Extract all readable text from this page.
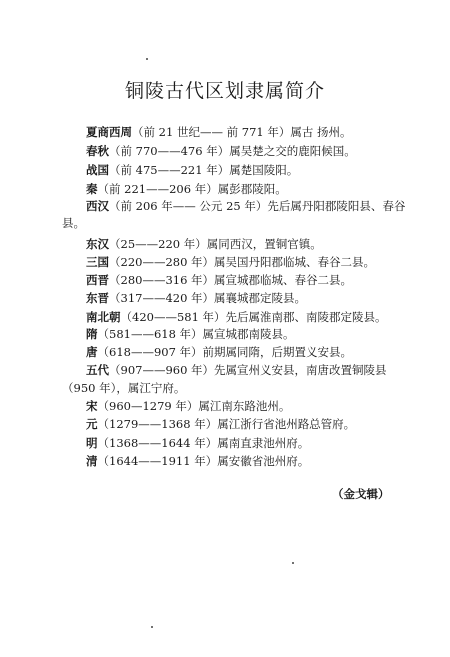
铜陵古代区划隶属简介
夏商西周（前 21 世纪—— 前 771 年）属古 扬州。
春秋（前 770——476 年）属吴楚之交的鹿阳候国。
战国（前 475——221 年）属楚国陵阳。
秦（前 221——206 年）属彭郡陵阳。
西汉（前 206 年—— 公元 25 年）先后属丹阳郡陵阳县、春谷
县。
东汉（25——220 年）属同西汉，置铜官镇。
三国（220——280 年）属吴国丹阳郡临城、春谷二县。
西晋（280——316 年）属宣城郡临城、春谷二县。
东晋（317——420 年）属襄城郡定陵县。
南北朝（420——581 年）先后属淮南郡、南陵郡定陵县。
隋（581——618 年）属宣城郡南陵县。
唐（618——907 年）前期属同隋，后期置义安县。
五代（907——960 年）先属宣州义安县，南唐改置铜陵县
（950 年），属江宁府。
宋（960—1279 年）属江南东路池州。
元（1279——1368 年）属江浙行省池州路总管府。
明（1368——1644 年）属南直隶池州府。
清（1644——1911 年）属安徽省池州府。
（金戈辑）
